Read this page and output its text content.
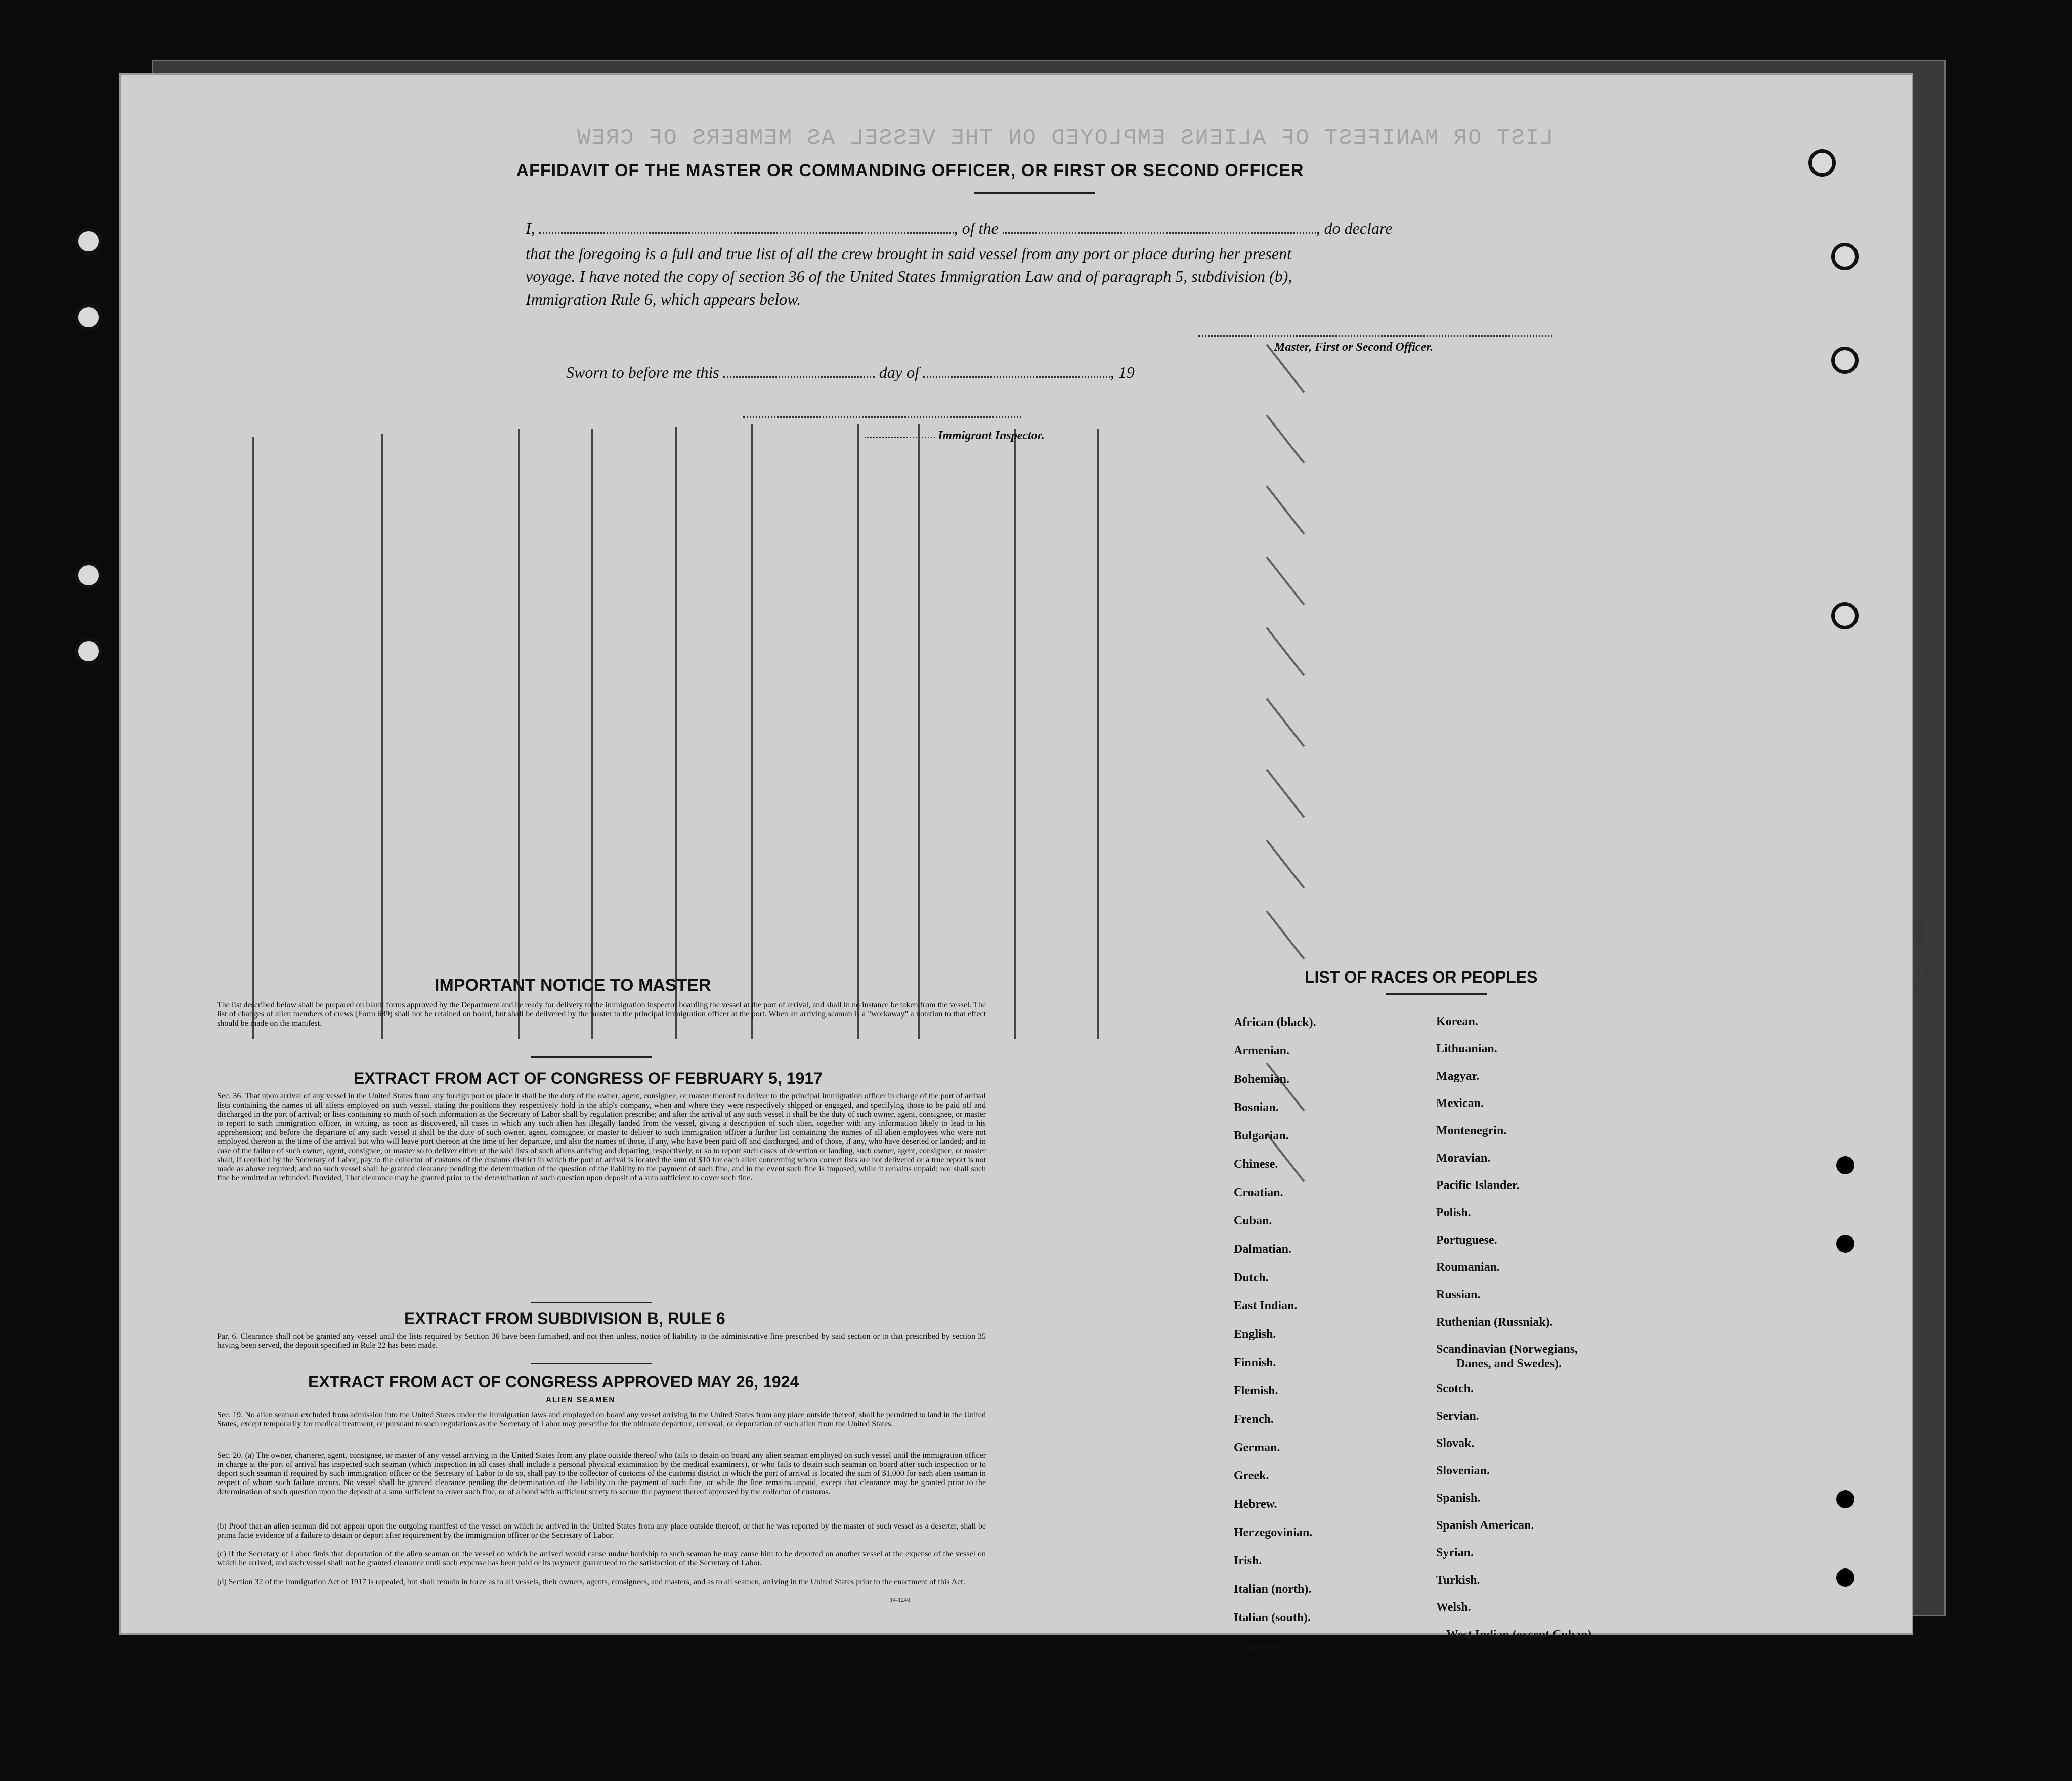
LIST OR MANIFEST OF ALIENS EMPLOYED ON THE VESSEL AS MEMBERS OF CREW
AFFIDAVIT OF THE MASTER OR COMMANDING OFFICER, OR FIRST OR SECOND OFFICER
I,	, of the	, do declare
that the foregoing is a full and true list of all the crew brought in said vessel from any port or place during her present
voyage. I have noted the copy of section 36 of the United States Immigration Law and of paragraph 5, subdivision (b),
Immigration Rule 6, which appears below.
Master, First or Second Officer.
Sworn to before me this	day of	, 19
Immigrant Inspector.
IMPORTANT NOTICE TO MASTER
The list described below shall be prepared on blank forms approved by the Department and be ready for delivery to the immigration inspector boarding the vessel at the port of arrival, and shall in no instance be taken from the vessel. The list of changes of alien members of crews (Form 689) shall not be retained on board, but shall be delivered by the master to the principal immigration officer at the port. When an arriving seaman is a "workaway" a notation to that effect should be made on the manifest.
EXTRACT FROM ACT OF CONGRESS OF FEBRUARY 5, 1917
Sec. 36. That upon arrival of any vessel in the United States from any foreign port or place it shall be the duty of the owner, agent, consignee, or master thereof to deliver to the principal immigration officer in charge of the port of arrival lists containing the names of all aliens employed on such vessel, stating the positions they respectively hold in the ship's company, when and where they were respectively shipped or engaged, and specifying those to be paid off and discharged in the port of arrival; or lists containing so much of such information as the Secretary of Labor shall by regulation prescribe; and after the arrival of any such vessel it shall be the duty of such owner, agent, consignee, or master to report to such immigration officer, in writing, as soon as discovered, all cases in which any such alien has illegally landed from the vessel, giving a description of such alien, together with any information likely to lead to his apprehension; and before the departure of any such vessel it shall be the duty of such owner, agent, consignee, or master to deliver to such immigration officer a further list containing the names of all alien employees who were not employed thereon at the time of the arrival but who will leave port thereon at the time of her departure, and also the names of those, if any, who have been paid off and discharged, and of those, if any, who have deserted or landed; and in case of the failure of such owner, agent, consignee, or master so to deliver either of the said lists of such aliens arriving and departing, respectively, or so to report such cases of desertion or landing, such owner, agent, consignee, or master shall, if required by the Secretary of Labor, pay to the collector of customs of the customs district in which the port of arrival is located the sum of $10 for each alien concerning whom correct lists are not delivered or a true report is not made as above required; and no such vessel shall be granted clearance pending the determination of the question of the liability to the payment of such fine, and in the event such fine is imposed, while it remains unpaid; nor shall such fine be remitted or refunded: Provided, That clearance may be granted prior to the determination of such question upon deposit of a sum sufficient to cover such fine.
EXTRACT FROM SUBDIVISION B, RULE 6
Par. 6. Clearance shall not be granted any vessel until the lists required by Section 36 have been furnished, and not then unless, notice of liability to the administrative fine prescribed by said section or to that prescribed by section 35 having been served, the deposit specified in Rule 22 has been made.
EXTRACT FROM ACT OF CONGRESS APPROVED MAY 26, 1924
ALIEN SEAMEN
Sec. 19. No alien seaman excluded from admission into the United States under the immigration laws and employed on board any vessel arriving in the United States from any place outside thereof, shall be permitted to land in the United States, except temporarily for medical treatment, or pursuant to such regulations as the Secretary of Labor may prescribe for the ultimate departure, removal, or deportation of such alien from the United States.
Sec. 20. (a) The owner, charterer, agent, consignee, or master of any vessel arriving in the United States from any place outside thereof who fails to detain on board any alien seaman employed on such vessel until the immigration officer in charge at the port of arrival has inspected such seaman (which inspection in all cases shall include a personal physical examination by the medical examiners), or who fails to detain such seaman on board after such inspection or to deport such seaman if required by such immigration officer or the Secretary of Labor to do so, shall pay to the collector of customs of the customs district in which the port of arrival is located the sum of $1,000 for each alien seaman in respect of whom such failure occurs. No vessel shall be granted clearance pending the determination of the liability to the payment of such fine, or while the fine remains unpaid, except that clearance may be granted prior to the determination of such question upon the deposit of a sum sufficient to cover such fine, or of a bond with sufficient surety to secure the payment thereof approved by the collector of customs.
(b) Proof that an alien seaman did not appear upon the outgoing manifest of the vessel on which he arrived in the United States from any place outside thereof, or that he was reported by the master of such vessel as a deserter, shall be prima facie evidence of a failure to detain or deport after requirement by the immigration officer or the Secretary of Labor.
(c) If the Secretary of Labor finds that deportation of the alien seaman on the vessel on which he arrived would cause undue hardship to such seaman he may cause him to be deported on another vessel at the expense of the vessel on which he arrived, and such vessel shall not be granted clearance until such expense has been paid or its payment guaranteed to the satisfaction of the Secretary of Labor.
(d) Section 32 of the Immigration Act of 1917 is repealed, but shall remain in force as to all vessels, their owners, agents, consignees, and masters, and as to all seamen, arriving in the United States prior to the enactment of this Act.
14-1240
LIST OF RACES OR PEOPLES
African (black).
Armenian.
Bohemian.
Bosnian.
Bulgarian.
Chinese.
Croatian.
Cuban.
Dalmatian.
Dutch.
East Indian.
English.
Finnish.
Flemish.
French.
German.
Greek.
Hebrew.
Herzegovinian.
Irish.
Italian (north).
Italian (south).
Japanese.
Korean.
Lithuanian.
Magyar.
Mexican.
Montenegrin.
Moravian.
Pacific Islander.
Polish.
Portuguese.
Roumanian.
Russian.
Ruthenian (Russniak).
Scandinavian (Norwegians,
Danes, and Swedes).
Scotch.
Servian.
Slovak.
Slovenian.
Spanish.
Spanish American.
Syrian.
Turkish.
Welsh.
West Indian (except Cuban).
1
3
